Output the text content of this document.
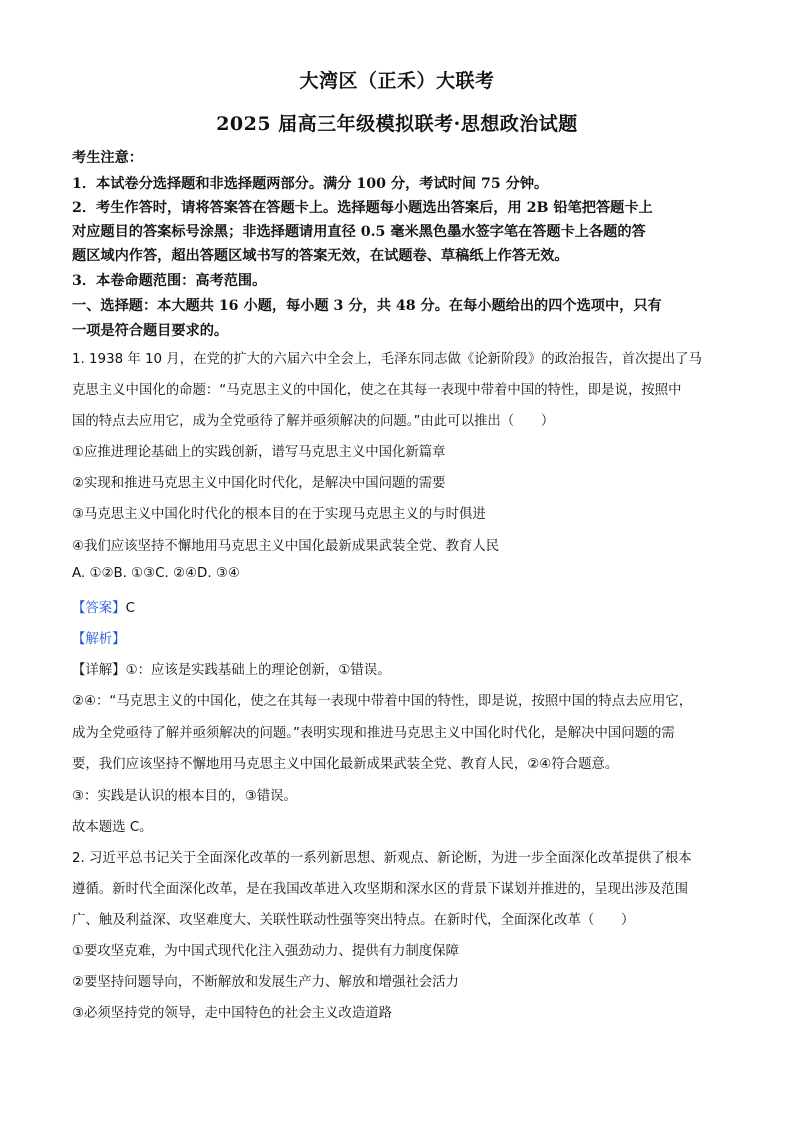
大湾区（正禾）大联考
2025 届高三年级模拟联考·思想政治试题
考生注意：
1．本试卷分选择题和非选择题两部分。满分 100 分，考试时间 75 分钟。
2．考生作答时，请将答案答在答题卡上。选择题每小题选出答案后，用 2B 铅笔把答题卡上
对应题目的答案标号涂黑；非选择题请用直径 0.5 毫米黑色墨水签字笔在答题卡上各题的答
题区域内作答，超出答题区域书写的答案无效，在试题卷、草稿纸上作答无效。
3．本卷命题范围：高考范围。
一、选择题：本大题共 16 小题，每小题 3 分，共 48 分。在每小题给出的四个选项中，只有
一项是符合题目要求的。
1. 1938 年 10 月，在党的扩大的六届六中全会上，毛泽东同志做《论新阶段》的政治报告，首次提出了马
克思主义中国化的命题：“马克思主义的中国化，使之在其每一表现中带着中国的特性，即是说，按照中
国的特点去应用它，成为全党亟待了解并亟须解决的问题。”由此可以推出（　　）
①应推进理论基础上的实践创新，谱写马克思主义中国化新篇章
②实现和推进马克思主义中国化时代化，是解决中国问题的需要
③马克思主义中国化时代化的根本目的在于实现马克思主义的与时俱进
④我们应该坚持不懈地用马克思主义中国化最新成果武装全党、教育人民
A. ①②B. ①③C. ②④D. ③④
【答案】C
【解析】
【详解】①：应该是实践基础上的理论创新，①错误。
②④：“马克思主义的中国化，使之在其每一表现中带着中国的特性，即是说，按照中国的特点去应用它，
成为全党亟待了解并亟须解决的问题。”表明实现和推进马克思主义中国化时代化，是解决中国问题的需
要，我们应该坚持不懈地用马克思主义中国化最新成果武装全党、教育人民，②④符合题意。
③：实践是认识的根本目的，③错误。
故本题选 C。
2. 习近平总书记关于全面深化改革的一系列新思想、新观点、新论断，为进一步全面深化改革提供了根本
遵循。新时代全面深化改革，是在我国改革进入攻坚期和深水区的背景下谋划并推进的，呈现出涉及范围
广、触及利益深、攻坚难度大、关联性联动性强等突出特点。在新时代，全面深化改革（　　）
①要攻坚克难，为中国式现代化注入强劲动力、提供有力制度保障
②要坚持问题导向，不断解放和发展生产力、解放和增强社会活力
③必须坚持党的领导，走中国特色的社会主义改造道路
